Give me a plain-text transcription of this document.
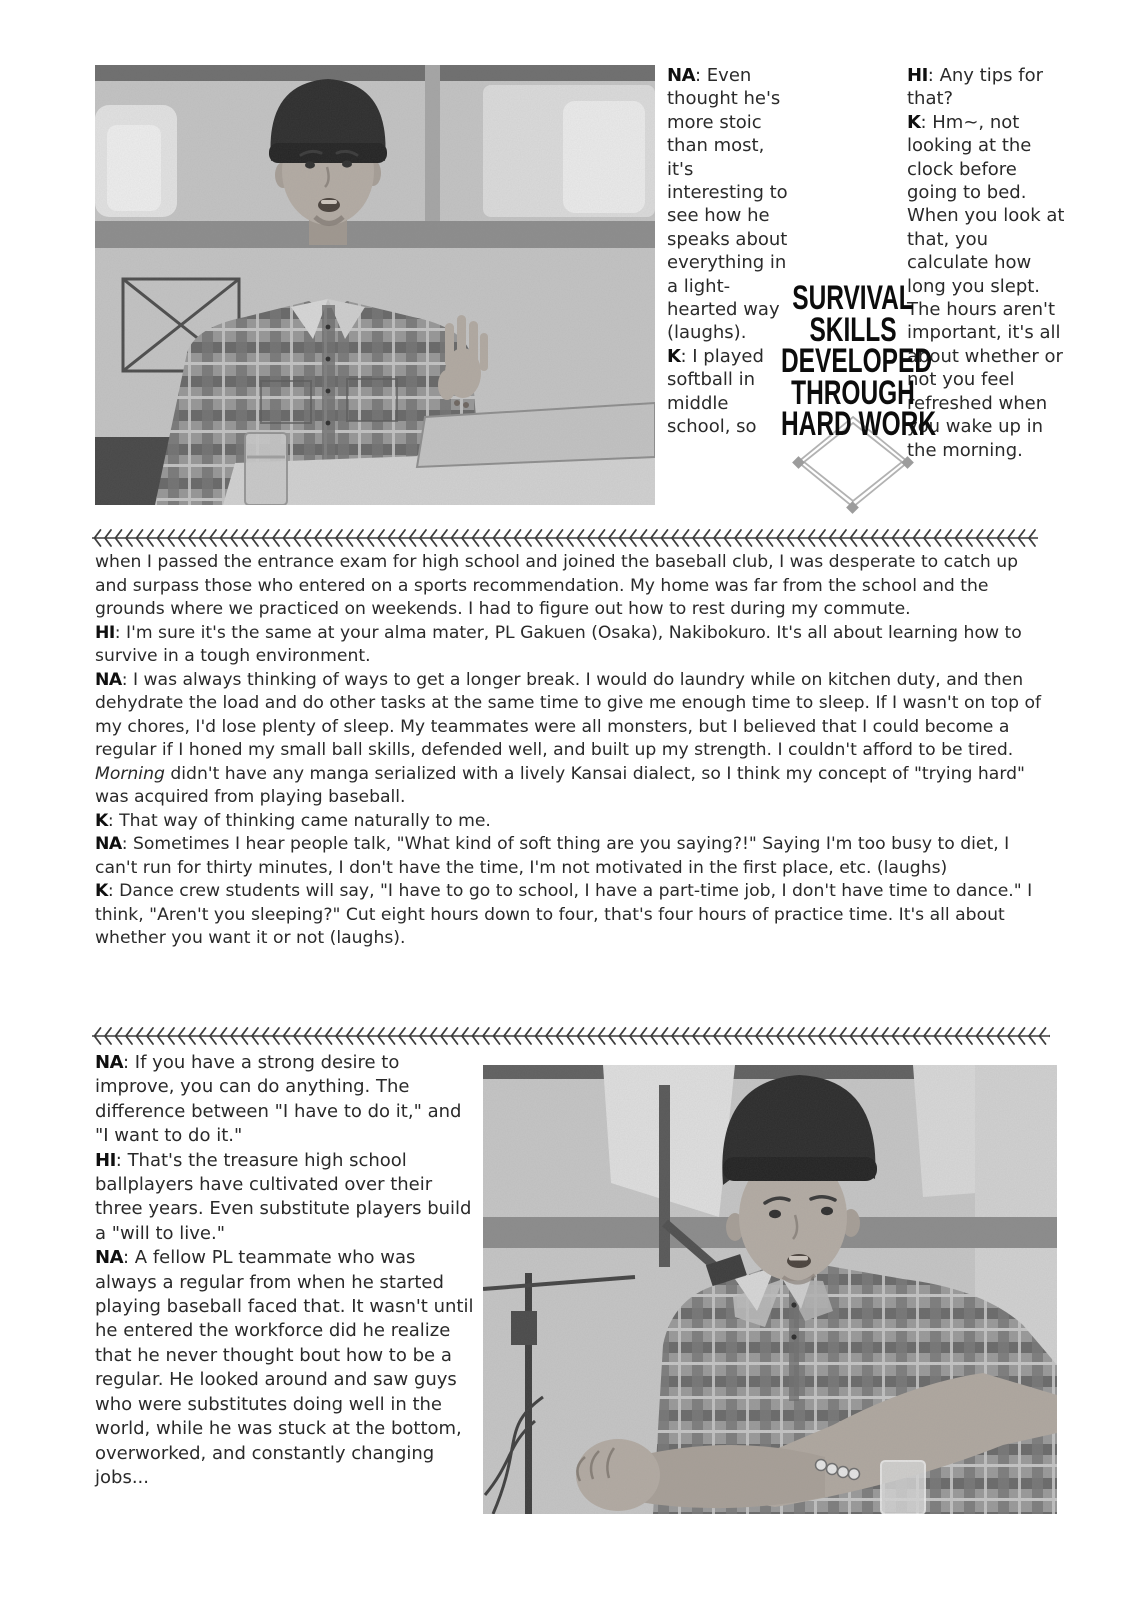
NA: Even thought he's more stoic than most, it's interesting to see how he speaks about everything in a light-hearted way (laughs).

K: I played softball in middle school, so

SURVIVAL
SKILLS
DEVELOPED
THROUGH
HARD WORK

HI: Any tips for that?

K: Hm~, not looking at the clock before going to bed. When you look at that, you calculate how long you slept. The hours aren't important, it's all about whether or not you feel refreshed when you wake up in the morning.

when I passed the entrance exam for high school and joined the baseball club, I was desperate to catch up and surpass those who entered on a sports recommendation. My home was far from the school and the grounds where we practiced on weekends. I had to figure out how to rest during my commute.

HI: I'm sure it's the same at your alma mater, PL Gakuen (Osaka), Nakibokuro. It's all about learning how to survive in a tough environment.

NA: I was always thinking of ways to get a longer break. I would do laundry while on kitchen duty, and then dehydrate the load and do other tasks at the same time to give me enough time to sleep. If I wasn't on top of my chores, I'd lose plenty of sleep. My teammates were all monsters, but I believed that I could become a regular if I honed my small ball skills, defended well, and built up my strength. I couldn't afford to be tired. Morning didn't have any manga serialized with a lively Kansai dialect, so I think my concept of "trying hard" was acquired from playing baseball.

K: That way of thinking came naturally to me.

NA: Sometimes I hear people talk, "What kind of soft thing are you saying?!" Saying I'm too busy to diet, I can't run for thirty minutes, I don't have the time, I'm not motivated in the first place, etc. (laughs)

K: Dance crew students will say, "I have to go to school, I have a part-time job, I don't have time to dance." I think, "Aren't you sleeping?" Cut eight hours down to four, that's four hours of practice time. It's all about whether you want it or not (laughs).

NA: If you have a strong desire to improve, you can do anything. The difference between "I have to do it," and "I want to do it."

HI: That's the treasure high school ballplayers have cultivated over their three years. Even substitute players build a "will to live."

NA: A fellow PL teammate who was always a regular from when he started playing baseball faced that. It wasn't until he entered the workforce did he realize that he never thought bout how to be a regular. He looked around and saw guys who were substitutes doing well in the world, while he was stuck at the bottom, overworked, and constantly changing jobs...
